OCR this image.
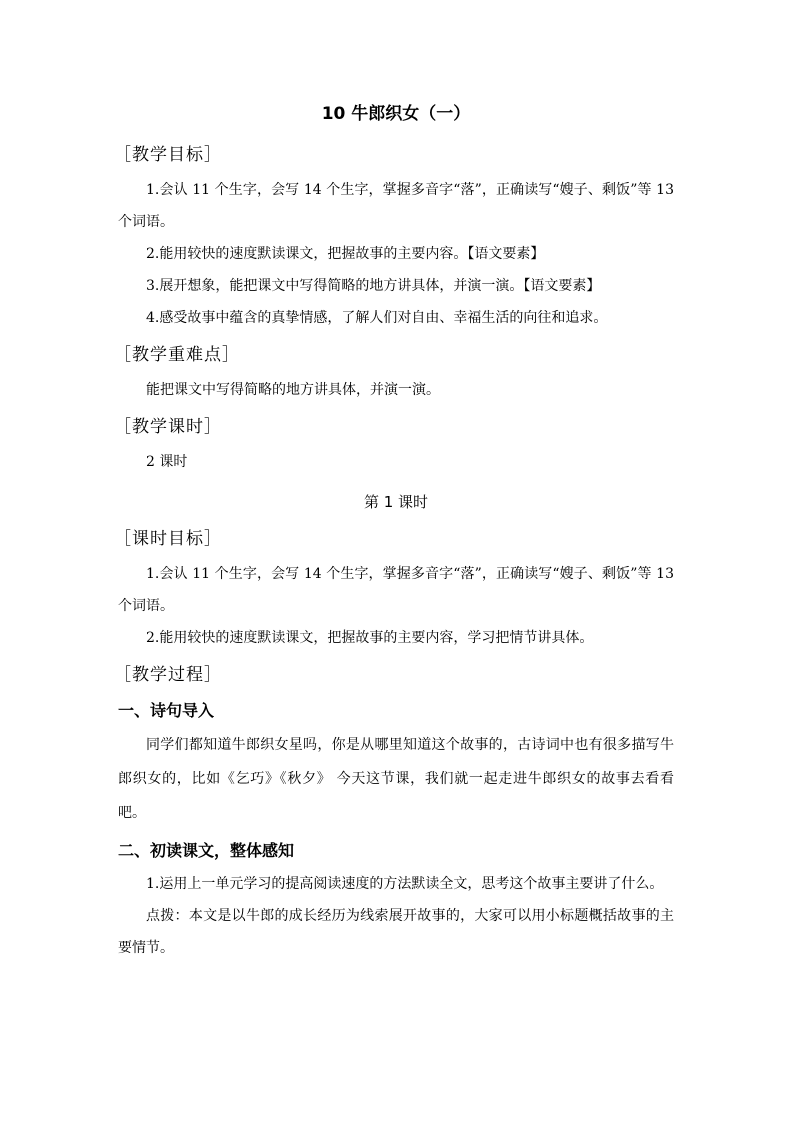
10 牛郎织女（一）
［教学目标］

1.会认 11 个生字，会写 14 个生字，掌握多音字“落”，正确读写“嫂子、剩饭”等 13 个词语。

2.能用较快的速度默读课文，把握故事的主要内容。【语文要素】

3.展开想象，能把课文中写得简略的地方讲具体，并演一演。【语文要素】

4.感受故事中蕴含的真挚情感，了解人们对自由、幸福生活的向往和追求。

［教学重难点］

能把课文中写得简略的地方讲具体，并演一演。

［教学课时］

2 课时

第 1 课时
［课时目标］

1.会认 11 个生字，会写 14 个生字，掌握多音字“落”，正确读写“嫂子、剩饭”等 13 个词语。

2.能用较快的速度默读课文，把握故事的主要内容，学习把情节讲具体。

［教学过程］
一、诗句导入

同学们都知道牛郎织女星吗，你是从哪里知道这个故事的，古诗词中也有很多描写牛郎织女的，比如《乞巧》《秋夕》 今天这节课，我们就一起走进牛郎织女的故事去看看吧。

二、初读课文，整体感知

1.运用上一单元学习的提高阅读速度的方法默读全文，思考这个故事主要讲了什么。

点拨：本文是以牛郎的成长经历为线索展开故事的，大家可以用小标题概括故事的主要情节。
